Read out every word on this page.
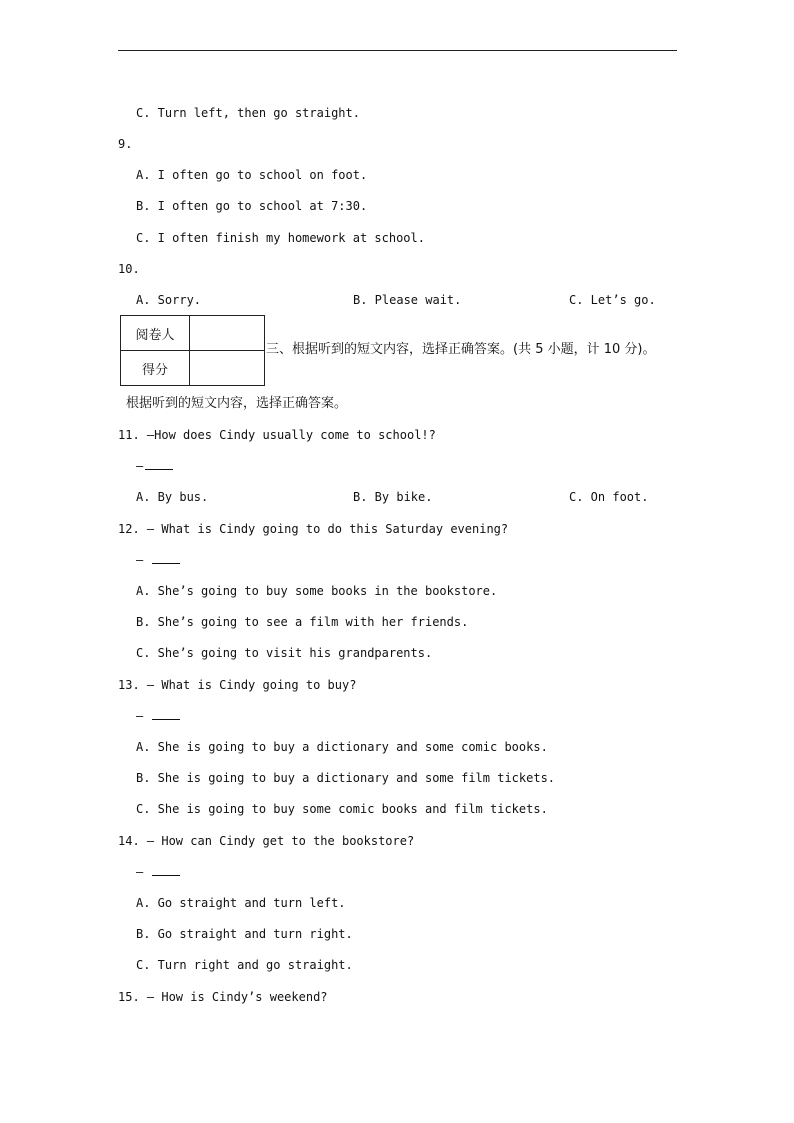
C. Turn left, then go straight.
9.
A. I often go to school on foot.
B. I often go to school at 7:30.
C. I often finish my homework at school.
10.
A. Sorry.	B. Please wait.	C. Let’s go.
阅卷人	
得分	
三、根据听到的短文内容，选择正确答案。(共 5 小题，计 10 分)。
根据听到的短文内容，选择正确答案。
11. —How does Cindy usually come to school!?
—
A. By bus.	B. By bike.	C. On foot.
12. — What is Cindy going to do this Saturday evening?
—
A. She’s going to buy some books in the bookstore.
B. She’s going to see a film with her friends.
C. She’s going to visit his grandparents.
13. — What is Cindy going to buy?
—
A. She is going to buy a dictionary and some comic books.
B. She is going to buy a dictionary and some film tickets.
C. She is going to buy some comic books and film tickets.
14. — How can Cindy get to the bookstore?
—
A. Go straight and turn left.
B. Go straight and turn right.
C. Turn right and go straight.
15. — How is Cindy’s weekend?
